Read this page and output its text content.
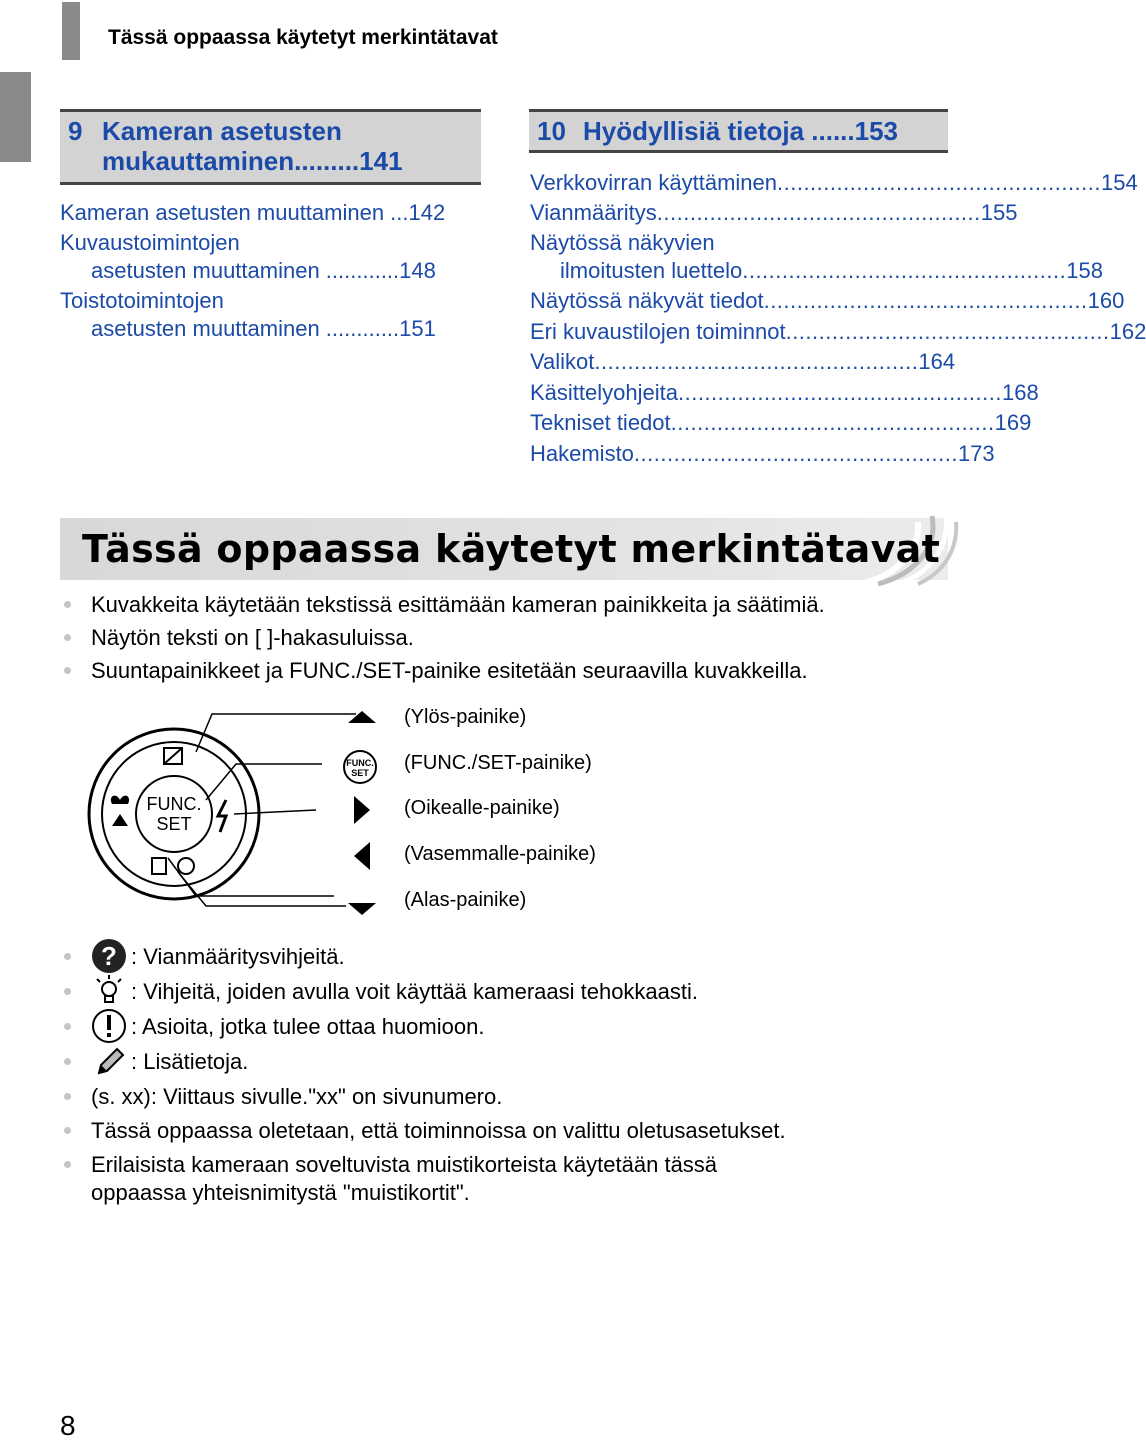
Tässä oppaassa käytetyt merkintätavat
9 Kameran asetusten
mukauttaminen.........141
Kameran asetusten muuttaminen ...142
Kuvaustoimintojen
asetusten muuttaminen ............148
Toistotoimintojen
asetusten muuttaminen ............151
10 Hyödyllisiä tietoja ......153
Verkkovirran käyttäminen ................................................. 154
Vianmääritys ................................................. 155
Näytössä näkyvien
ilmoitusten luettelo ................................................. 158
Näytössä näkyvät tiedot ................................................. 160
Eri kuvaustilojen toiminnot ................................................. 162
Valikot ................................................. 164
Käsittelyohjeita ................................................. 168
Tekniset tiedot ................................................. 169
Hakemisto ................................................. 173
Tässä oppaassa käytetyt merkintätavat
Kuvakkeita käytetään tekstissä esittämään kameran painikkeita ja säätimiä.
Näytön teksti on [ ]-hakasuluissa.
Suuntapainikkeet ja FUNC./SET-painike esitetään seuraavilla kuvakkeilla.
FUNC.
SET
FUNC.
SET
(Ylös-painike)
(FUNC./SET-painike)
(Oikealle-painike)
(Vasemmalle-painike)
(Alas-painike)
? : Vianmääritysvihjeitä.
: Vihjeitä, joiden avulla voit käyttää kameraasi tehokkaasti.
: Asioita, jotka tulee ottaa huomioon.
: Lisätietoja.
(s. xx): Viittaus sivulle."xx" on sivunumero.
Tässä oppaassa oletetaan, että toiminnoissa on valittu oletusasetukset.
Erilaisista kameraan soveltuvista muistikorteista käytetään tässä
oppaassa yhteisnimitystä "muistikortit".
8
